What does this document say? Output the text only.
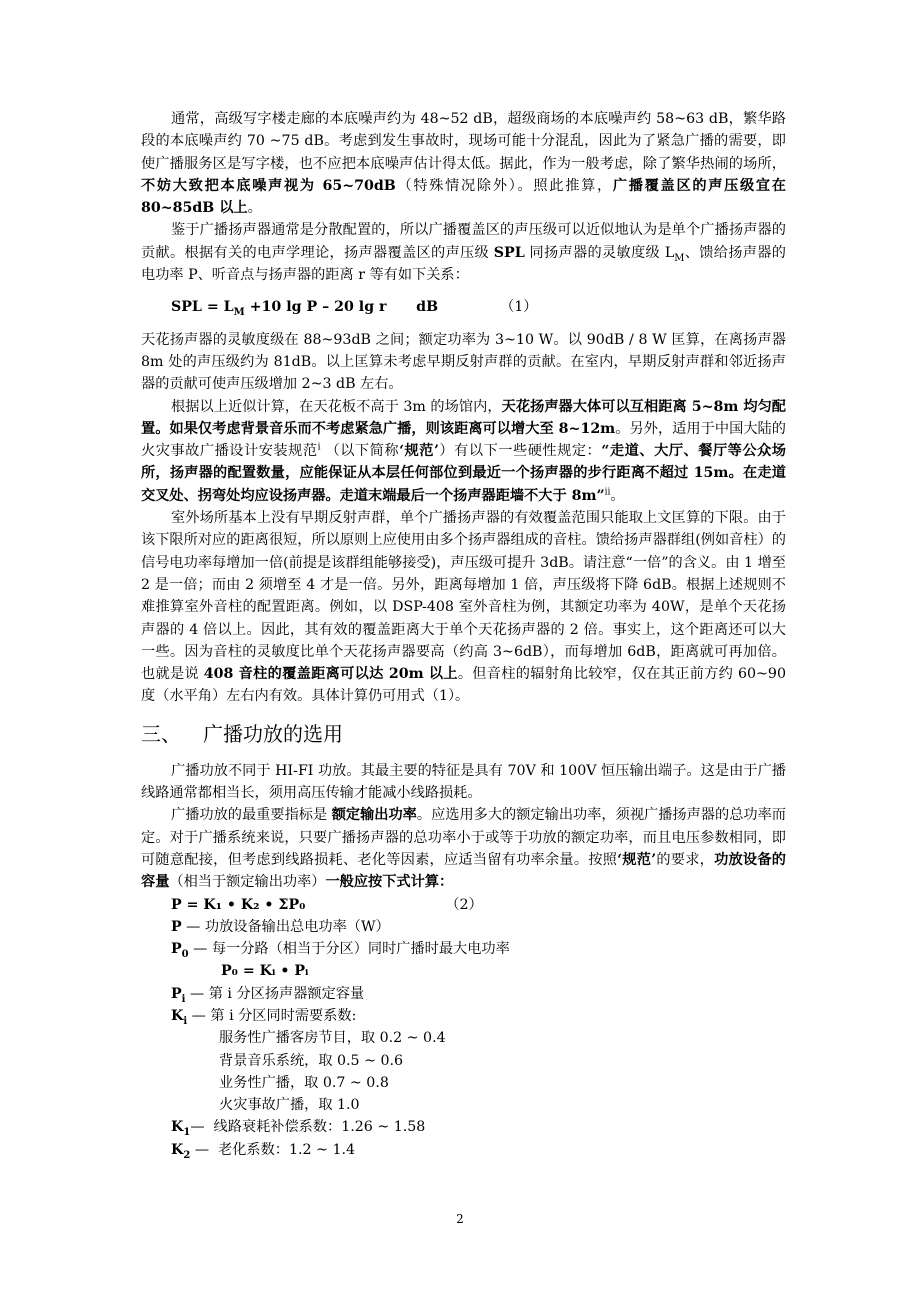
通常，高级写字楼走廊的本底噪声约为 48~52 dB，超级商场的本底噪声约 58~63 dB，繁华路段的本底噪声约 70 ~75 dB。考虑到发生事故时，现场可能十分混乱，因此为了紧急广播的需要，即使广播服务区是写字楼，也不应把本底噪声估计得太低。据此，作为一般考虑，除了繁华热闹的场所，不妨大致把本底噪声视为 65~70dB（特殊情况除外）。照此推算，广播覆盖区的声压级宜在 80~85dB 以上。

鉴于广播扬声器通常是分散配置的，所以广播覆盖区的声压级可以近似地认为是单个广播扬声器的贡献。根据有关的电声学理论，扬声器覆盖区的声压级 SPL 同扬声器的灵敏度级 $L_M$、馈给扬声器的电功率 P、听音点与扬声器的距离 r 等有如下关系：

SPL = $L_M +10$ lg P – 20 lg r      dB	（1）

天花扬声器的灵敏度级在 88~93dB 之间；额定功率为 3~10 W。以 90dB / 8 W 匡算，在离扬声器 8m 处的声压级约为 81dB。以上匡算未考虑早期反射声群的贡献。在室内，早期反射声群和邻近扬声器的贡献可使声压级增加 2~3 dB 左右。

根据以上近似计算，在天花板不高于 3m 的场馆内，天花扬声器大体可以互相距离 5~8m 均匀配置。如果仅考虑背景音乐而不考虑紧急广播，则该距离可以增大至 8~12m。另外，适用于中国大陆的火灾事故广播设计安装规范$^i$ （以下简称‘规范’）有以下一些硬性规定：“走道、大厅、餐厅等公众场所，扬声器的配置数量，应能保证从本层任何部位到最近一个扬声器的步行距离不超过 15m。在走道交叉处、拐弯处均应设扬声器。走道末端最后一个扬声器距墙不大于 8m”$^{ii}$。

室外场所基本上没有早期反射声群，单个广播扬声器的有效覆盖范围只能取上文匡算的下限。由于该下限所对应的距离很短，所以原则上应使用由多个扬声器组成的音柱。馈给扬声器群组(例如音柱）的信号电功率每增加一倍(前提是该群组能够接受)，声压级可提升 3dB。请注意“一倍”的含义。由 1 增至 2 是一倍；而由 2 须增至 4 才是一倍。另外，距离每增加 1 倍，声压级将下降 6dB。根据上述规则不难推算室外音柱的配置距离。例如，以 DSP-408 室外音柱为例，其额定功率为 40W，是单个天花扬声器的 4 倍以上。因此，其有效的覆盖距离大于单个天花扬声器的 2 倍。事实上，这个距离还可以大一些。因为音柱的灵敏度比单个天花扬声器要高（约高 3~6dB），而每增加 6dB，距离就可再加倍。也就是说 408 音柱的覆盖距离可以达 20m 以上。但音柱的辐射角比较窄，仅在其正前方约 60~90 度（水平角）左右内有效。具体计算仍可用式（1）。

三、 广播功放的选用

广播功放不同于 HI-FI 功放。其最主要的特征是具有 70V 和 100V 恒压输出端子。这是由于广播线路通常都相当长，须用高压传输才能减小线路损耗。

广播功放的最重要指标是 额定输出功率。应选用多大的额定输出功率，须视广播扬声器的总功率而定。对于广播系统来说，只要广播扬声器的总功率小于或等于功放的额定功率，而且电压参数相同，即可随意配接，但考虑到线路损耗、老化等因素，应适当留有功率余量。按照‘规范’的要求，功放设备的容量（相当于额定输出功率）一般应按下式计算：

P = K₁ • K₂ • ΣP₀	（2）
P — 功放设备输出总电功率（W）
$P_0$ — 每一分路（相当于分区）同时广播时最大电功率
P₀ = Kᵢ • Pᵢ
$P_i$ — 第 i 分区扬声器额定容量
$K_i$ — 第 i 分区同时需要系数:
服务性广播客房节目，取 0.2 ~ 0.4
背景音乐系统，取 0.5 ~ 0.6
业务性广播，取 0.7 ~ 0.8
火灾事故广播，取 1.0
$K_1—$  线路衰耗补偿系数：1.26 ~ 1.58
$K_2$ —  老化系数：1.2 ~ 1.4
2
